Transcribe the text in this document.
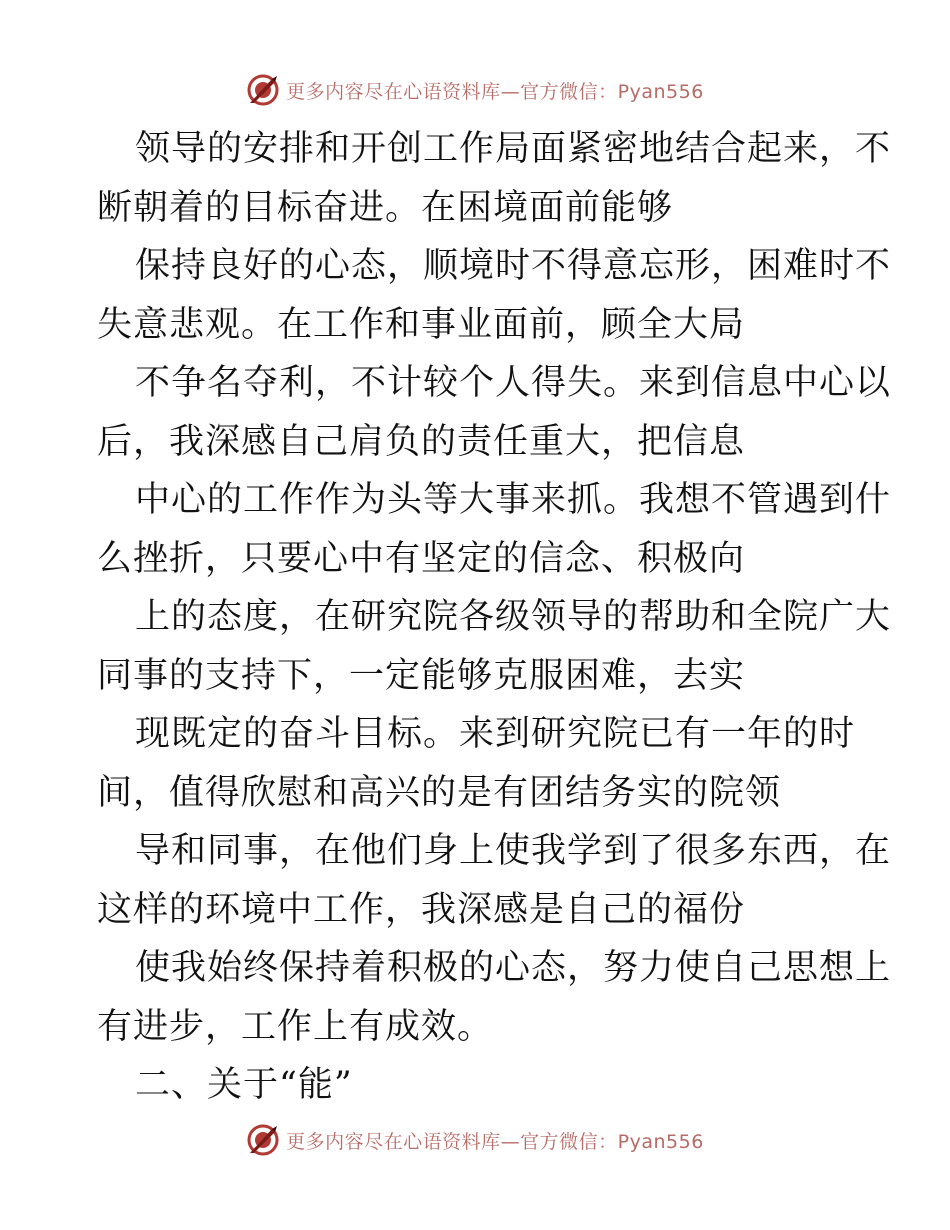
更多内容尽在心语资料库—官方微信：Pyan556
领导的安排和开创工作局面紧密地结合起来，不
断朝着的目标奋进。在困境面前能够
保持良好的心态，顺境时不得意忘形，困难时不
失意悲观。在工作和事业面前，顾全大局
不争名夺利，不计较个人得失。来到信息中心以
后，我深感自己肩负的责任重大，把信息
中心的工作作为头等大事来抓。我想不管遇到什
么挫折，只要心中有坚定的信念、积极向
上的态度，在研究院各级领导的帮助和全院广大
同事的支持下，一定能够克服困难，去实
现既定的奋斗目标。来到研究院已有一年的时
间，值得欣慰和高兴的是有团结务实的院领
导和同事，在他们身上使我学到了很多东西，在
这样的环境中工作，我深感是自己的福份
使我始终保持着积极的心态，努力使自己思想上
有进步，工作上有成效。
二、关于“能”
更多内容尽在心语资料库—官方微信：Pyan556
